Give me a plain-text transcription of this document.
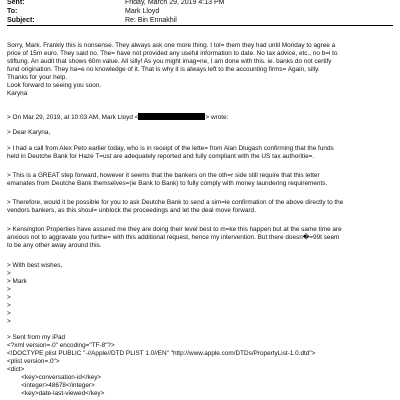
Sent:	Friday, March 29, 2019 4:13 PM
To:	Mark Lloyd
Subject:	Re: Bin Ennakhil
Sorry, Mark. Frankly this is nonsense. They always ask one more thing. I tol= them they had until Monday to agree a
price of 15m euro. They said no. The= have not provided any useful information to date. No tax advice, etc., no b=i to
stiftung. An audit that shows 60m value. All silly! As you might imag=ne, I am done with this. ie. banks do not certify
fund origination. They ha=e no knowledge of it. That is why it is always left to the accounting firms= Again, silly.
Thanks for your help.
Look forward to seeing you soon.
Karyna
> On Mar 29, 2019, at 10:03 AM, Mark Lloyd <	> wrote:
> Dear Karyna,
> I had a call from Alex Peto earlier today, who is in receipt of the lette= from Alan Dlugash confirming that the funds
held in Deutche Bank for Haze T=ust are adequately reported and fully compliant with the US tax authoritie=.
> This is a GREAT step forward, however it seems that the bankers on the oth=r side still require that this letter
emanates from Deutche Bank themselves=(ie Bank to Bank) to fully comply with money laundering requirements.
> Therefore, would it be possible for you to ask Deutche Bank to send a sim=le confirmation of the above directly to the
vendors bankers, as this shoul= unblock the proceedings and let the deal move forward.
> Kensington Properties have assured me they are doing their level best to m=ke this happen but at the same time are
anxious not to aggravate you furthe= with this additional request, hence my intervention. But there doesn�=99t seem
to be any other away around this.
> With best wishes,
>
> Mark
>
>
>
>
>
> Sent from my iPad
<?xml version=.0" encoding="TF-8"?>
<!DOCTYPE plist PUBLIC "-//Apple//DTD PLIST 1.0//EN" "http://www.apple.com/DTDs/PropertyList-1.0.dtd">
<plist version=.0">
<dict>
<key>conversation-id</key>
<integer>48678</integer>
<key>date-last-viewed</key>
